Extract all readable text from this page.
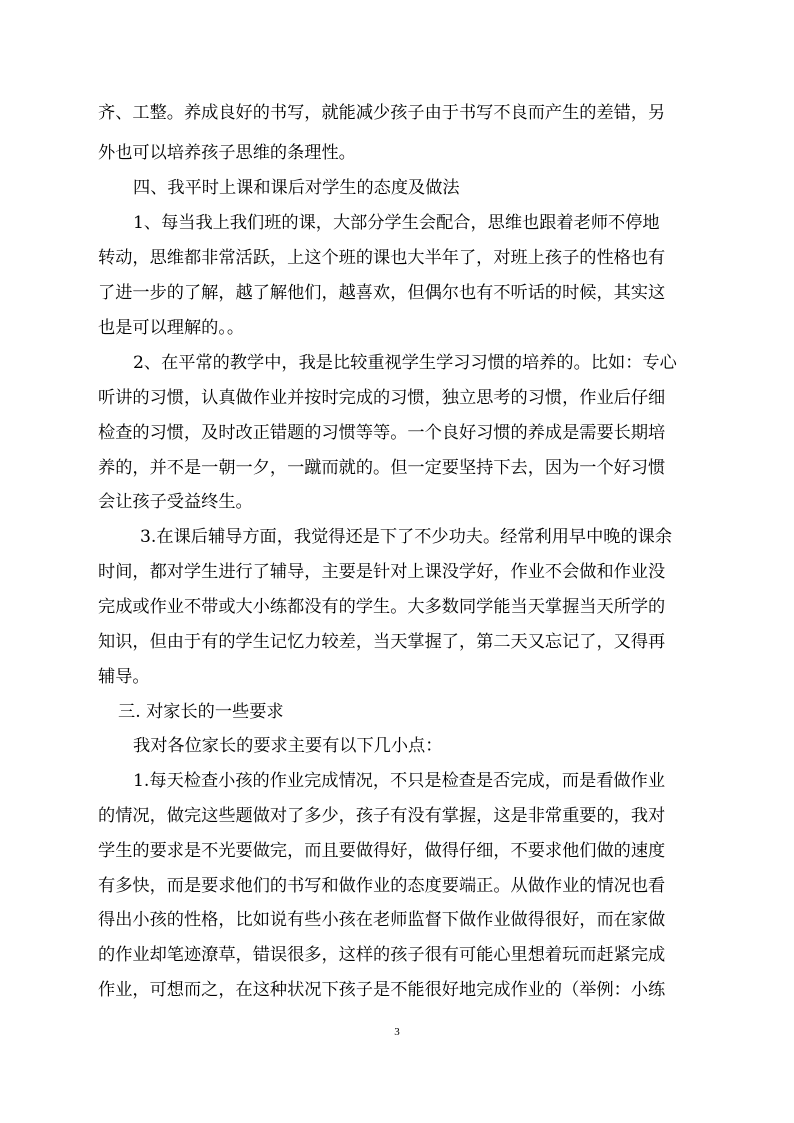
齐、工整。养成良好的书写，就能减少孩子由于书写不良而产生的差错，另

外也可以培养孩子思维的条理性。

四、我平时上课和课后对学生的态度及做法

1、每当我上我们班的课，大部分学生会配合，思维也跟着老师不停地

转动，思维都非常活跃，上这个班的课也大半年了，对班上孩子的性格也有

了进一步的了解，越了解他们，越喜欢，但偶尔也有不听话的时候，其实这

也是可以理解的。。

2、在平常的教学中，我是比较重视学生学习习惯的培养的。比如：专心

听讲的习惯，认真做作业并按时完成的习惯，独立思考的习惯，作业后仔细

检查的习惯，及时改正错题的习惯等等。一个良好习惯的养成是需要长期培

养的，并不是一朝一夕，一蹴而就的。但一定要坚持下去，因为一个好习惯

会让孩子受益终生。

3.在课后辅导方面，我觉得还是下了不少功夫。经常利用早中晚的课余

时间，都对学生进行了辅导，主要是针对上课没学好，作业不会做和作业没

完成或作业不带或大小练都没有的学生。大多数同学能当天掌握当天所学的

知识，但由于有的学生记忆力较差，当天掌握了，第二天又忘记了，又得再

辅导。

三. 对家长的一些要求

我对各位家长的要求主要有以下几小点：

1.每天检查小孩的作业完成情况，不只是检查是否完成，而是看做作业

的情况，做完这些题做对了多少，孩子有没有掌握，这是非常重要的，我对

学生的要求是不光要做完，而且要做得好，做得仔细，不要求他们做的速度

有多快，而是要求他们的书写和做作业的态度要端正。从做作业的情况也看

得出小孩的性格，比如说有些小孩在老师监督下做作业做得很好，而在家做

的作业却笔迹潦草，错误很多，这样的孩子很有可能心里想着玩而赶紧完成

作业，可想而之，在这种状况下孩子是不能很好地完成作业的（举例：小练

3
